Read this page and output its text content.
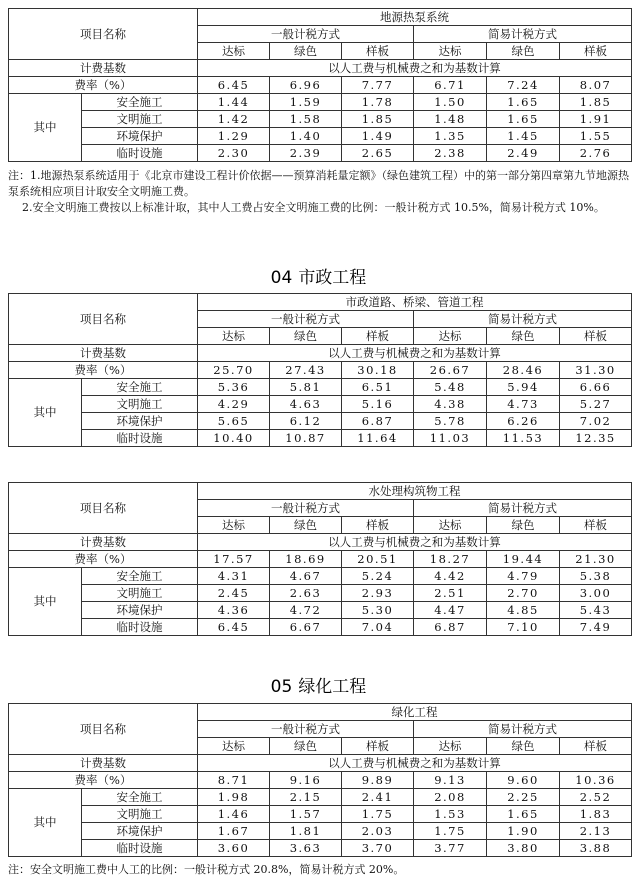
项目名称		地源热泵系统					
		一般计税方式			简易计税方式		
		达标	绿色	样板	达标	绿色	样板
计费基数		以人工费与机械费之和为基数计算					
费率（%）		6.45	6.96	7.77	6.71	7.24	8.07
其中	安全施工	1.44	1.59	1.78	1.50	1.65	1.85
	文明施工	1.42	1.58	1.85	1.48	1.65	1.91
	环境保护	1.29	1.40	1.49	1.35	1.45	1.55
	临时设施	2.30	2.39	2.65	2.38	2.49	2.76

注：1.地源热泵系统适用于《北京市建设工程计价依据——预算消耗量定额》（绿色建筑工程）中的第一部分第四章第九节地源热泵系统相应项目计取安全文明施工费。

2.安全文明施工费按以上标准计取，其中人工费占安全文明施工费的比例：一般计税方式 10.5%，简易计税方式 10%。

04 市政工程
项目名称		市政道路、桥梁、管道工程					
		一般计税方式			简易计税方式		
		达标	绿色	样板	达标	绿色	样板
计费基数		以人工费与机械费之和为基数计算					
费率（%）		25.70	27.43	30.18	26.67	28.46	31.30
其中	安全施工	5.36	5.81	6.51	5.48	5.94	6.66
	文明施工	4.29	4.63	5.16	4.38	4.73	5.27
	环境保护	5.65	6.12	6.87	5.78	6.26	7.02
	临时设施	10.40	10.87	11.64	11.03	11.53	12.35
项目名称		水处理构筑物工程					
		一般计税方式			简易计税方式		
		达标	绿色	样板	达标	绿色	样板
计费基数		以人工费与机械费之和为基数计算					
费率（%）		17.57	18.69	20.51	18.27	19.44	21.30
其中	安全施工	4.31	4.67	5.24	4.42	4.79	5.38
	文明施工	2.45	2.63	2.93	2.51	2.70	3.00
	环境保护	4.36	4.72	5.30	4.47	4.85	5.43
	临时设施	6.45	6.67	7.04	6.87	7.10	7.49
05 绿化工程
项目名称		绿化工程					
		一般计税方式			简易计税方式		
		达标	绿色	样板	达标	绿色	样板
计费基数		以人工费与机械费之和为基数计算					
费率（%）		8.71	9.16	9.89	9.13	9.60	10.36
其中	安全施工	1.98	2.15	2.41	2.08	2.25	2.52
	文明施工	1.46	1.57	1.75	1.53	1.65	1.83
	环境保护	1.67	1.81	2.03	1.75	1.90	2.13
	临时设施	3.60	3.63	3.70	3.77	3.80	3.88

注：安全文明施工费中人工的比例：一般计税方式 20.8%，简易计税方式 20%。
